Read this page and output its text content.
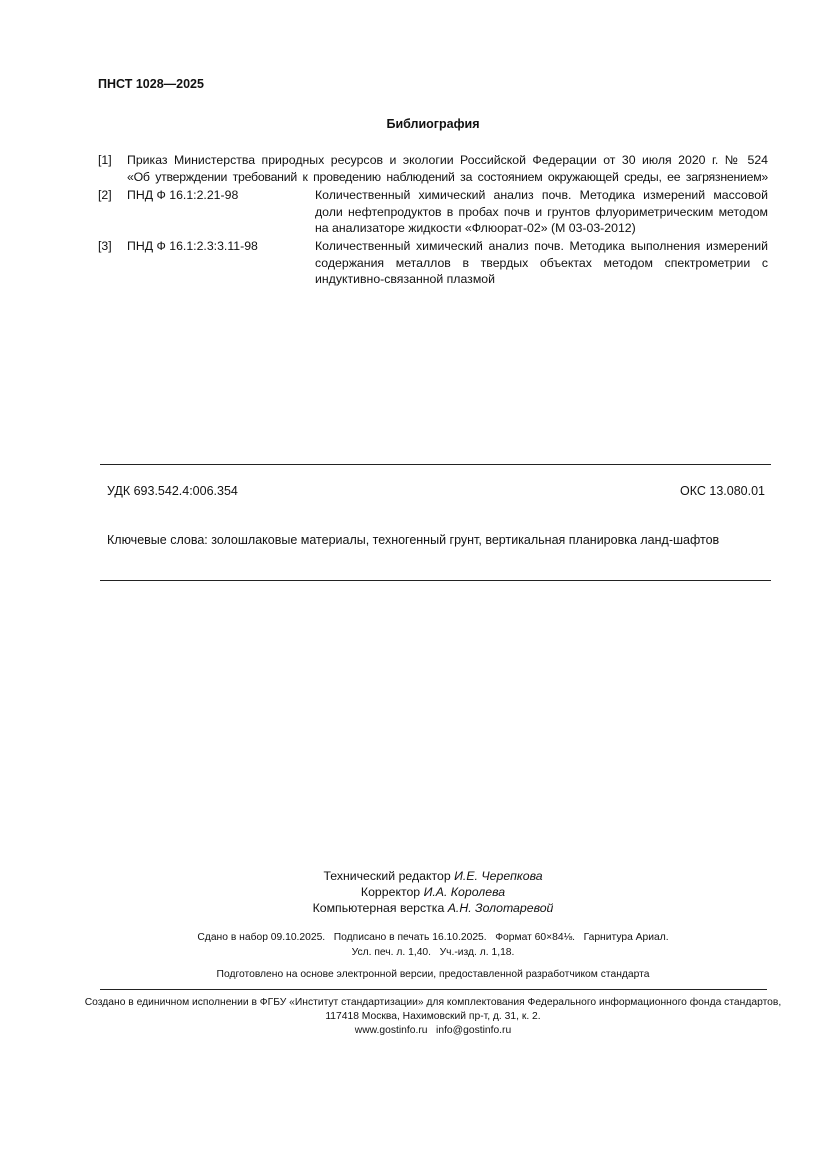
ПНСТ 1028—2025
Библиография
[1] Приказ Министерства природных ресурсов и экологии Российской Федерации от 30 июля 2020 г. № 524
«Об утверждении требований к проведению наблюдений за состоянием окружающей среды, ее загрязнением»
[2] ПНД Ф 16.1:2.21-98	Количественный химический анализ почв. Методика измерений массовой доли нефтепродуктов в пробах почв и грунтов флуориметрическим методом на анализаторе жидкости «Флюорат-02» (М 03-03-2012)
[3] ПНД Ф 16.1:2.3:3.11-98	Количественный химический анализ почв. Методика выполнения измерений содержания металлов в твердых объектах методом спектрометрии с индуктивно-связанной плазмой
УДК 693.542.4:006.354	ОКС 13.080.01
Ключевые слова: золошлаковые материалы, техногенный грунт, вертикальная планировка ланд-шафтов
Технический редактор И.Е. Черепкова
Корректор И.А. Королева
Компьютерная верстка А.Н. Золотаревой
Сдано в набор 09.10.2025.   Подписано в печать 16.10.2025.   Формат 60×84⅛.   Гарнитура Ариал.
Усл. печ. л. 1,40.   Уч.-изд. л. 1,18.
Подготовлено на основе электронной версии, предоставленной разработчиком стандарта
Создано в единичном исполнении в ФГБУ «Институт стандартизации» для комплектования Федерального информационного фонда стандартов,
117418 Москва, Нахимовский пр-т, д. 31, к. 2.
www.gostinfo.ru   info@gostinfo.ru
